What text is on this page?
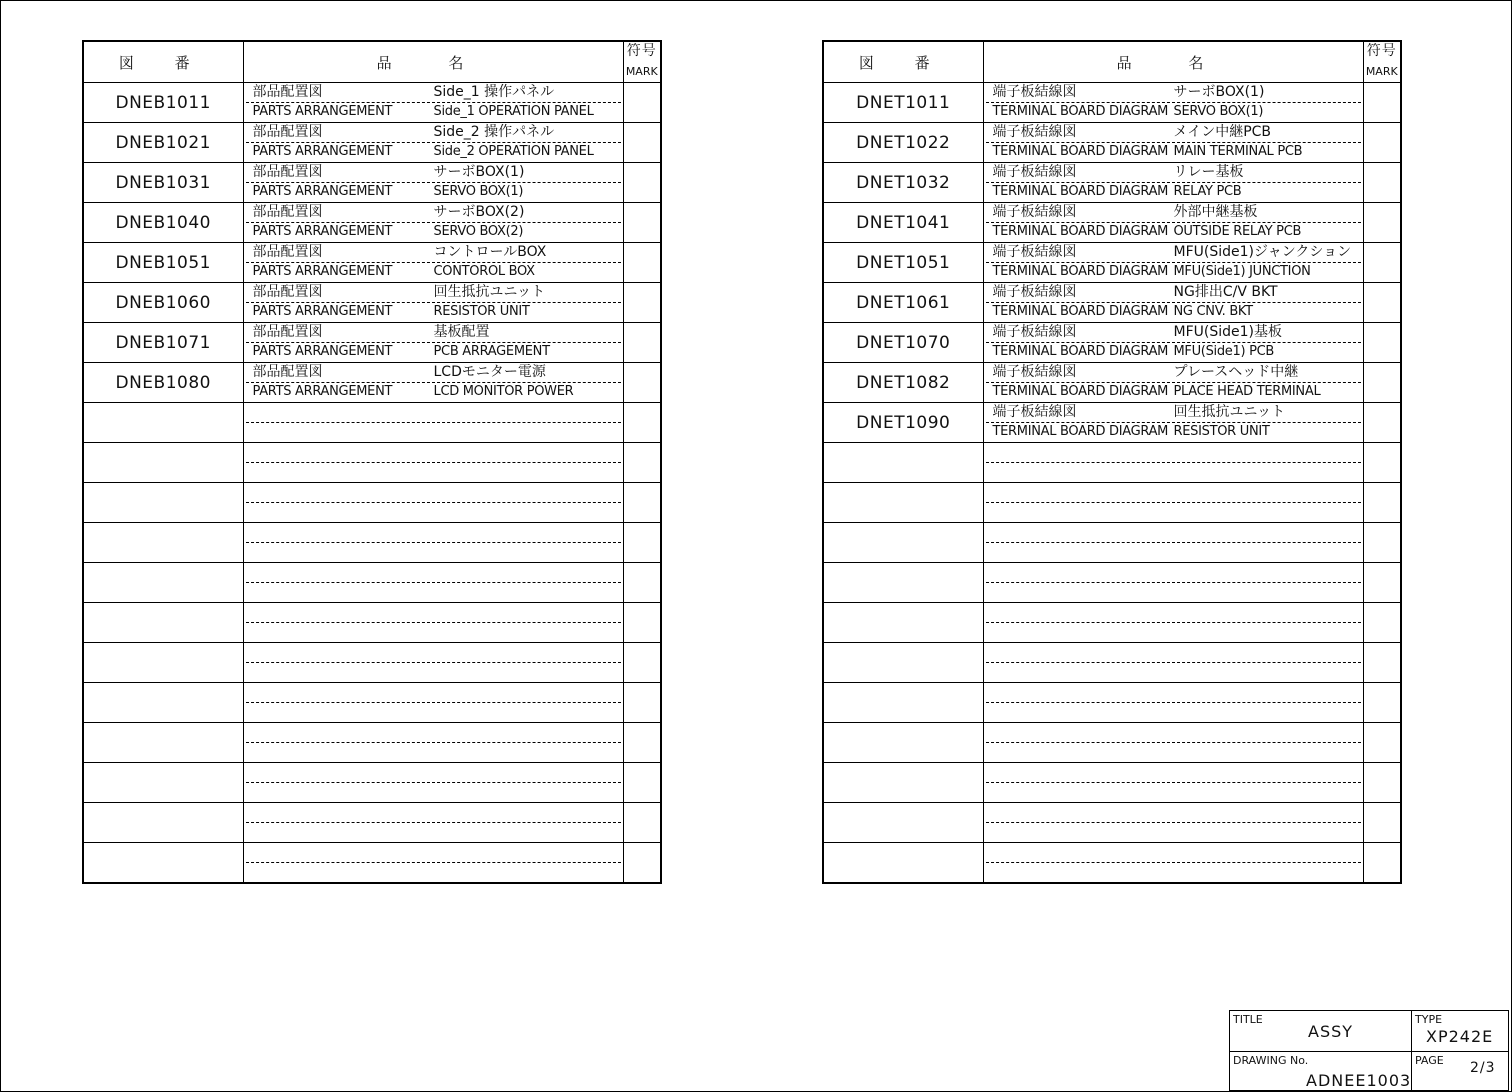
図 番	品 名	符号
MARK

DNEB1011	部品配置図 Side_1 操作パネル
PARTS ARRANGEMENT Side_1 OPERATION PANEL	

DNEB1021	部品配置図 Side_2 操作パネル
PARTS ARRANGEMENT Side_2 OPERATION PANEL	

DNEB1031	部品配置図 サーボBOX(1)
PARTS ARRANGEMENT SERVO BOX(1)	

DNEB1040	部品配置図 サーボBOX(2)
PARTS ARRANGEMENT SERVO BOX(2)	

DNEB1051	部品配置図 コントロールBOX
PARTS ARRANGEMENT CONTOROL BOX	

DNEB1060	部品配置図 回生抵抗ユニット
PARTS ARRANGEMENT RESISTOR UNIT	

DNEB1071	部品配置図 基板配置
PARTS ARRANGEMENT PCB ARRAGEMENT	

DNEB1080	部品配置図 LCDモニター電源
PARTS ARRANGEMENT LCD MONITOR POWER	

図 番	品 名	符号
MARK

DNET1011	端子板結線図 サーボBOX(1)
TERMINAL BOARD DIAGRAM SERVO BOX(1)	

DNET1022	端子板結線図 メイン中継PCB
TERMINAL BOARD DIAGRAM MAIN TERMINAL PCB	

DNET1032	端子板結線図 リレー基板
TERMINAL BOARD DIAGRAM RELAY PCB	

DNET1041	端子板結線図 外部中継基板
TERMINAL BOARD DIAGRAM OUTSIDE RELAY PCB	

DNET1051	端子板結線図 MFU(Side1)ジャンクション
TERMINAL BOARD DIAGRAM MFU(Side1) JUNCTION	

DNET1061	端子板結線図 NG排出C/V BKT
TERMINAL BOARD DIAGRAM NG CNV. BKT	

DNET1070	端子板結線図 MFU(Side1)基板
TERMINAL BOARD DIAGRAM MFU(Side1) PCB	

DNET1082	端子板結線図 プレースヘッド中継
TERMINAL BOARD DIAGRAM PLACE HEAD TERMINAL	

DNET1090	端子板結線図 回生抵抗ユニット
TERMINAL BOARD DIAGRAM RESISTOR UNIT	

TITLE
ASSY	TYPE
XP242E

DRAWING No.
ADNEE1003	PAGE 2/3
